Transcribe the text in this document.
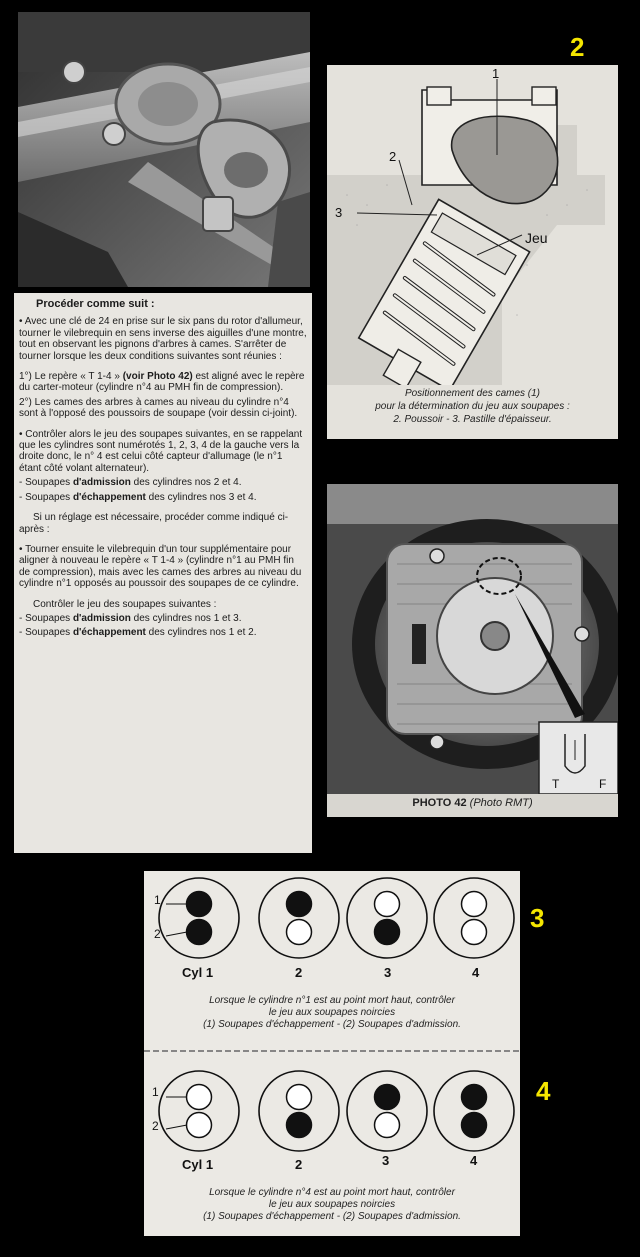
2
3
4
1
2
3
Jeu
Positionnement des cames (1)
pour la détermination du jeu aux soupapes :
2. Poussoir - 3. Pastille d'épaisseur.
Procéder comme suit :

• Avec une clé de 24 en prise sur le six pans du rotor d'allumeur, tourner le vilebrequin en sens inverse des aiguilles d'une montre, tout en observant les pignons d'arbres à cames. S'arrêter de tourner lorsque les deux conditions suivantes sont réunies :

1°) Le repère « T 1-4 » (voir Photo 42) est aligné avec le repère du carter-moteur (cylindre n°4 au PMH fin de compression).

2°) Les cames des arbres à cames au niveau du cylindre n°4 sont à l'opposé des poussoirs de soupape (voir dessin ci-joint).

• Contrôler alors le jeu des soupapes suivantes, en se rappelant que les cylindres sont numérotés 1, 2, 3, 4 de la gauche vers la droite donc, le n° 4 est celui côté capteur d'allumage (le n°1 étant côté volant alternateur).

- Soupapes d'admission des cylindres nos 2 et 4.

- Soupapes d'échappement des cylindres nos 3 et 4.

Si un réglage est nécessaire, procéder comme indiqué ci-après :

• Tourner ensuite le vilebrequin d'un tour supplémentaire pour aligner à nouveau le repère « T 1-4 » (cylindre n°1 au PMH fin de compression), mais avec les cames des arbres au niveau du cylindre n°1 opposés au poussoir des soupapes de ce cylindre.

Contrôler le jeu des soupapes suivantes :

- Soupapes d'admission des cylindres nos 1 et 3.

- Soupapes d'échappement des cylindres nos 1 et 2.

T	F
PHOTO 42 (Photo RMT)
1
2
Cyl 1	2	3	4
Lorsque le cylindre n°1 est au point mort haut, contrôler
le jeu aux soupapes noircies
(1) Soupapes d'échappement - (2) Soupapes d'admission.
1
2
Cyl 1	2	3	4
Lorsque le cylindre n°4 est au point mort haut, contrôler
le jeu aux soupapes noircies
(1) Soupapes d'échappement - (2) Soupapes d'admission.
